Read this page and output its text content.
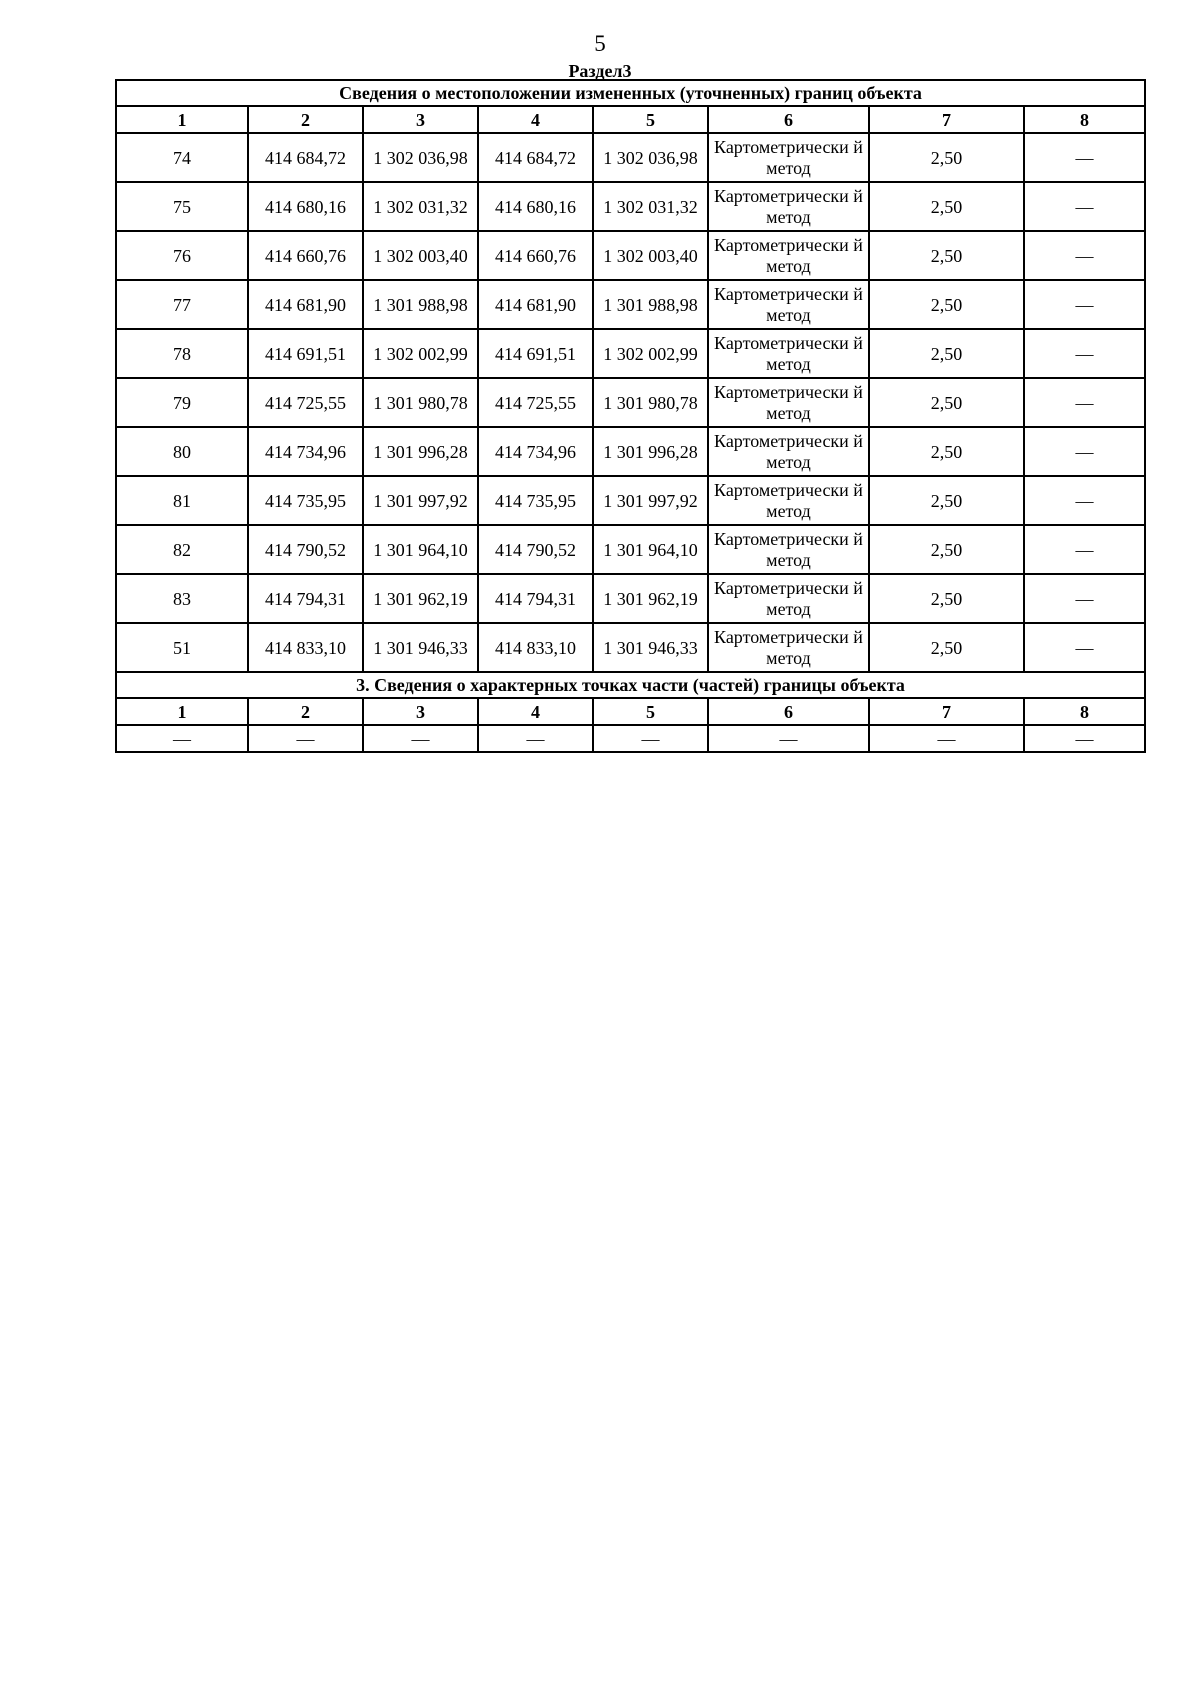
5
Раздел3
Сведения о местоположении измененных (уточненных) границ объекта							
1	2	3	4	5	6	7	8
74	414 684,72	1 302 036,98	414 684,72	1 302 036,98	Картометрически й метод	2,50	—
75	414 680,16	1 302 031,32	414 680,16	1 302 031,32	Картометрически й метод	2,50	—
76	414 660,76	1 302 003,40	414 660,76	1 302 003,40	Картометрически й метод	2,50	—
77	414 681,90	1 301 988,98	414 681,90	1 301 988,98	Картометрически й метод	2,50	—
78	414 691,51	1 302 002,99	414 691,51	1 302 002,99	Картометрически й метод	2,50	—
79	414 725,55	1 301 980,78	414 725,55	1 301 980,78	Картометрически й метод	2,50	—
80	414 734,96	1 301 996,28	414 734,96	1 301 996,28	Картометрически й метод	2,50	—
81	414 735,95	1 301 997,92	414 735,95	1 301 997,92	Картометрически й метод	2,50	—
82	414 790,52	1 301 964,10	414 790,52	1 301 964,10	Картометрически й метод	2,50	—
83	414 794,31	1 301 962,19	414 794,31	1 301 962,19	Картометрически й метод	2,50	—
51	414 833,10	1 301 946,33	414 833,10	1 301 946,33	Картометрически й метод	2,50	—
3. Сведения о характерных точках части (частей) границы объекта							
1	2	3	4	5	6	7	8
—	—	—	—	—	—	—	—
